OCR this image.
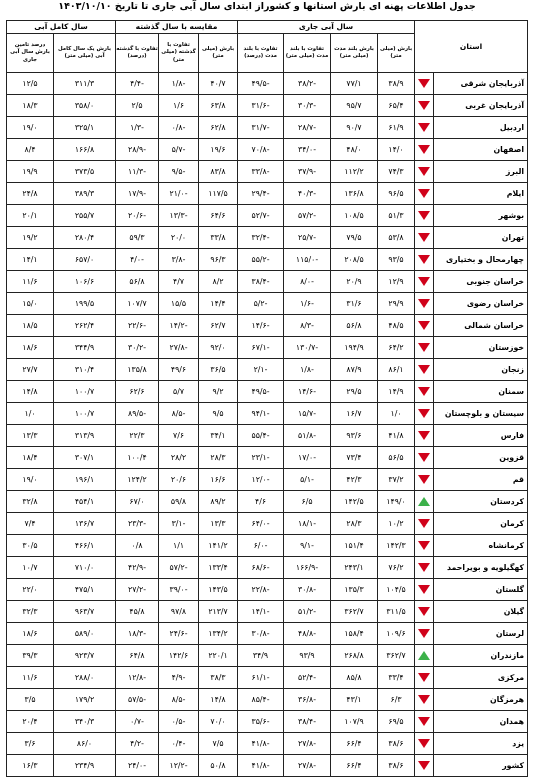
جدول اطلاعات پهنه ای بارش استانها و کشوراز ابتدای سال آبی جاری تا تاریخ ۱۴۰۳/۱۰/۱۰
استان		سال آبی جاری				مقایسه با سال گذشته			سال کامل آبی	
		بارش (میلی متر)	بارش بلند مدت (میلی متر)	تفاوت با بلند مدت (میلی متر)	تفاوت با بلند مدت (درصد)	بارش (میلی متر)	تفاوت با گذشته (میلی متر)	تفاوت با گذشته (درصد)	بارش یک سال کامل آبی (میلی متر)	درصد تامین بارش سال آبی جاری
آذربایجان شرقی		۳۸/۹	۷۷/۱	-۳۸/۲	-۴۹/۵	۴۰/۷	-۱/۸	-۴/۴	۳۱۱/۳	۱۲/۵
آذربایجان غربی		۶۵/۴	۹۵/۷	-۳۰/۳	-۳۱/۶	۶۳/۸	۱/۶	۲/۵	۳۵۸/۰	۱۸/۳
اردبیل		۶۱/۹	۹۰/۷	-۲۸/۷	-۳۱/۷	۶۲/۸	-۰/۸	-۱/۳	۳۲۵/۱	۱۹/۰
اصفهان		۱۴/۰	۴۸/۰	-۳۴/۰	-۷۰/۸	۱۹/۶	-۵/۷	-۲۸/۹	۱۶۶/۸	۸/۴
البرز		۷۴/۳	۱۱۲/۲	-۳۷/۹	-۳۳/۸	۸۳/۸	-۹/۵	-۱۱/۳	۳۷۳/۵	۱۹/۹
ایلام		۹۶/۵	۱۳۶/۸	-۴۰/۳	-۲۹/۴	۱۱۷/۵	-۲۱/۰	-۱۷/۹	۳۸۹/۳	۲۴/۸
بوشهر		۵۱/۳	۱۰۸/۵	-۵۷/۲	-۵۲/۷	۶۴/۶	-۱۳/۳	-۲۰/۶	۲۵۵/۷	۲۰/۱
تهران		۵۳/۸	۷۹/۵	-۲۵/۷	-۳۲/۴	۳۳/۸	۲۰/۰	۵۹/۳	۲۸۰/۴	۱۹/۲
چهارمحال و بختیاری		۹۳/۵	۲۰۸/۵	-۱۱۵/۰	-۵۵/۲	۹۶/۳	-۳/۸	-۴/۰	۶۵۷/۰	۱۴/۱
خراسان جنوبی		۱۲/۹	۲۰/۹	-۸/۰	-۳۸/۴	۸/۲	۴/۷	۵۶/۸	۱۰۶/۶	۱۱/۶
خراسان رضوی		۲۹/۹	۳۱/۶	-۱/۶	-۵/۲	۱۴/۴	۱۵/۵	۱۰۷/۷	۱۹۹/۵	۱۵/۰
خراسان شمالی		۴۸/۵	۵۶/۸	-۸/۳	-۱۴/۶	۶۲/۷	-۱۴/۲	-۲۲/۶	۲۶۲/۴	۱۸/۵
خوزستان		۶۴/۲	۱۹۴/۹	-۱۳۰/۷	-۶۷/۱	۹۲/۰	-۲۷/۸	-۳۰/۲	۳۴۴/۹	۱۸/۶
زنجان		۸۶/۱	۸۷/۹	-۱/۸	-۲/۱	۳۶/۵	۴۹/۶	۱۳۵/۸	۳۱۰/۴	۲۷/۷
سمنان		۱۴/۹	۲۹/۵	-۱۴/۶	-۴۹/۵	۹/۲	۵/۷	۶۲/۶	۱۰۰/۷	۱۴/۸
سیستان و بلوچستان		۱/۰	۱۶/۷	-۱۵/۷	-۹۴/۱	۹/۵	-۸/۵	-۸۹/۵	۱۰۰/۷	۱/۰
فارس		۴۱/۸	۹۳/۶	-۵۱/۸	-۵۵/۴	۳۴/۱	۷/۶	۲۲/۳	۳۱۳/۹	۱۳/۳
قزوین		۵۶/۵	۷۳/۴	-۱۷/۰	-۲۳/۱	۲۸/۳	۲۸/۲	۱۰۰/۴	۳۰۷/۱	۱۸/۴
قم		۳۷/۲	۴۲/۳	-۵/۱	-۱۲/۰	۱۶/۶	۲۰/۶	۱۲۴/۲	۱۹۶/۱	۱۹/۰
کردستان		۱۴۹/۰	۱۴۲/۵	۶/۵	۴/۶	۸۹/۲	۵۹/۸	۶۷/۰	۴۵۴/۱	۳۲/۸
کرمان		۱۰/۲	۲۸/۳	-۱۸/۱	-۶۴/۰	۱۳/۳	-۳/۱	-۲۳/۳	۱۳۶/۷	۷/۴
کرمانشاه		۱۴۲/۳	۱۵۱/۴	-۹/۱	-۶/۰	۱۴۱/۲	۱/۱	۰/۸	۴۶۶/۱	۳۰/۵
کهگیلویه و بویراحمد		۷۶/۲	۲۴۳/۱	-۱۶۶/۹	-۶۸/۶	۱۳۳/۴	-۵۷/۲	-۴۲/۹	۷۱۰/۰	۱۰/۷
گلستان		۱۰۴/۵	۱۳۵/۳	-۳۰/۸	-۲۲/۸	۱۴۳/۵	-۳۹/۰	-۲۷/۲	۴۷۵/۱	۲۲/۰
گیلان		۳۱۱/۵	۳۶۲/۷	-۵۱/۲	-۱۴/۱	۲۱۳/۷	۹۷/۸	۴۵/۸	۹۶۳/۷	۳۲/۳
لرستان		۱۰۹/۶	۱۵۸/۴	-۴۸/۸	-۳۰/۸	۱۳۴/۲	-۲۴/۶	-۱۸/۳	۵۸۹/۰	۱۸/۶
مازندران		۳۶۲/۷	۲۶۸/۸	۹۳/۹	۳۴/۹	۲۲۰/۱	۱۴۲/۶	۶۴/۸	۹۲۳/۷	۳۹/۳
مرکزی		۳۳/۴	۸۵/۸	-۵۲/۴	-۶۱/۱	۳۸/۳	-۴/۹	-۱۲/۸	۲۸۸/۰	۱۱/۶
هرمزگان		۶/۳	۴۳/۱	-۳۶/۸	-۸۵/۴	۱۴/۸	-۸/۵	-۵۷/۵	۱۷۹/۲	۳/۵
همدان		۶۹/۵	۱۰۷/۹	-۳۸/۴	-۳۵/۶	۷۰/۰	-۰/۵	-۰/۷	۳۴۰/۳	۲۰/۴
یزد		۳۸/۶	۶۶/۴	-۲۷/۸	-۴۱/۸	۷/۵	-۰/۴	-۴/۲	۸۶/۰	۳/۶
کشور		۳۸/۶	۶۶/۴	-۲۷/۸	-۴۱/۸	۵۰/۸	-۱۲/۲	-۲۴/۰	۲۳۴/۹	۱۶/۳
